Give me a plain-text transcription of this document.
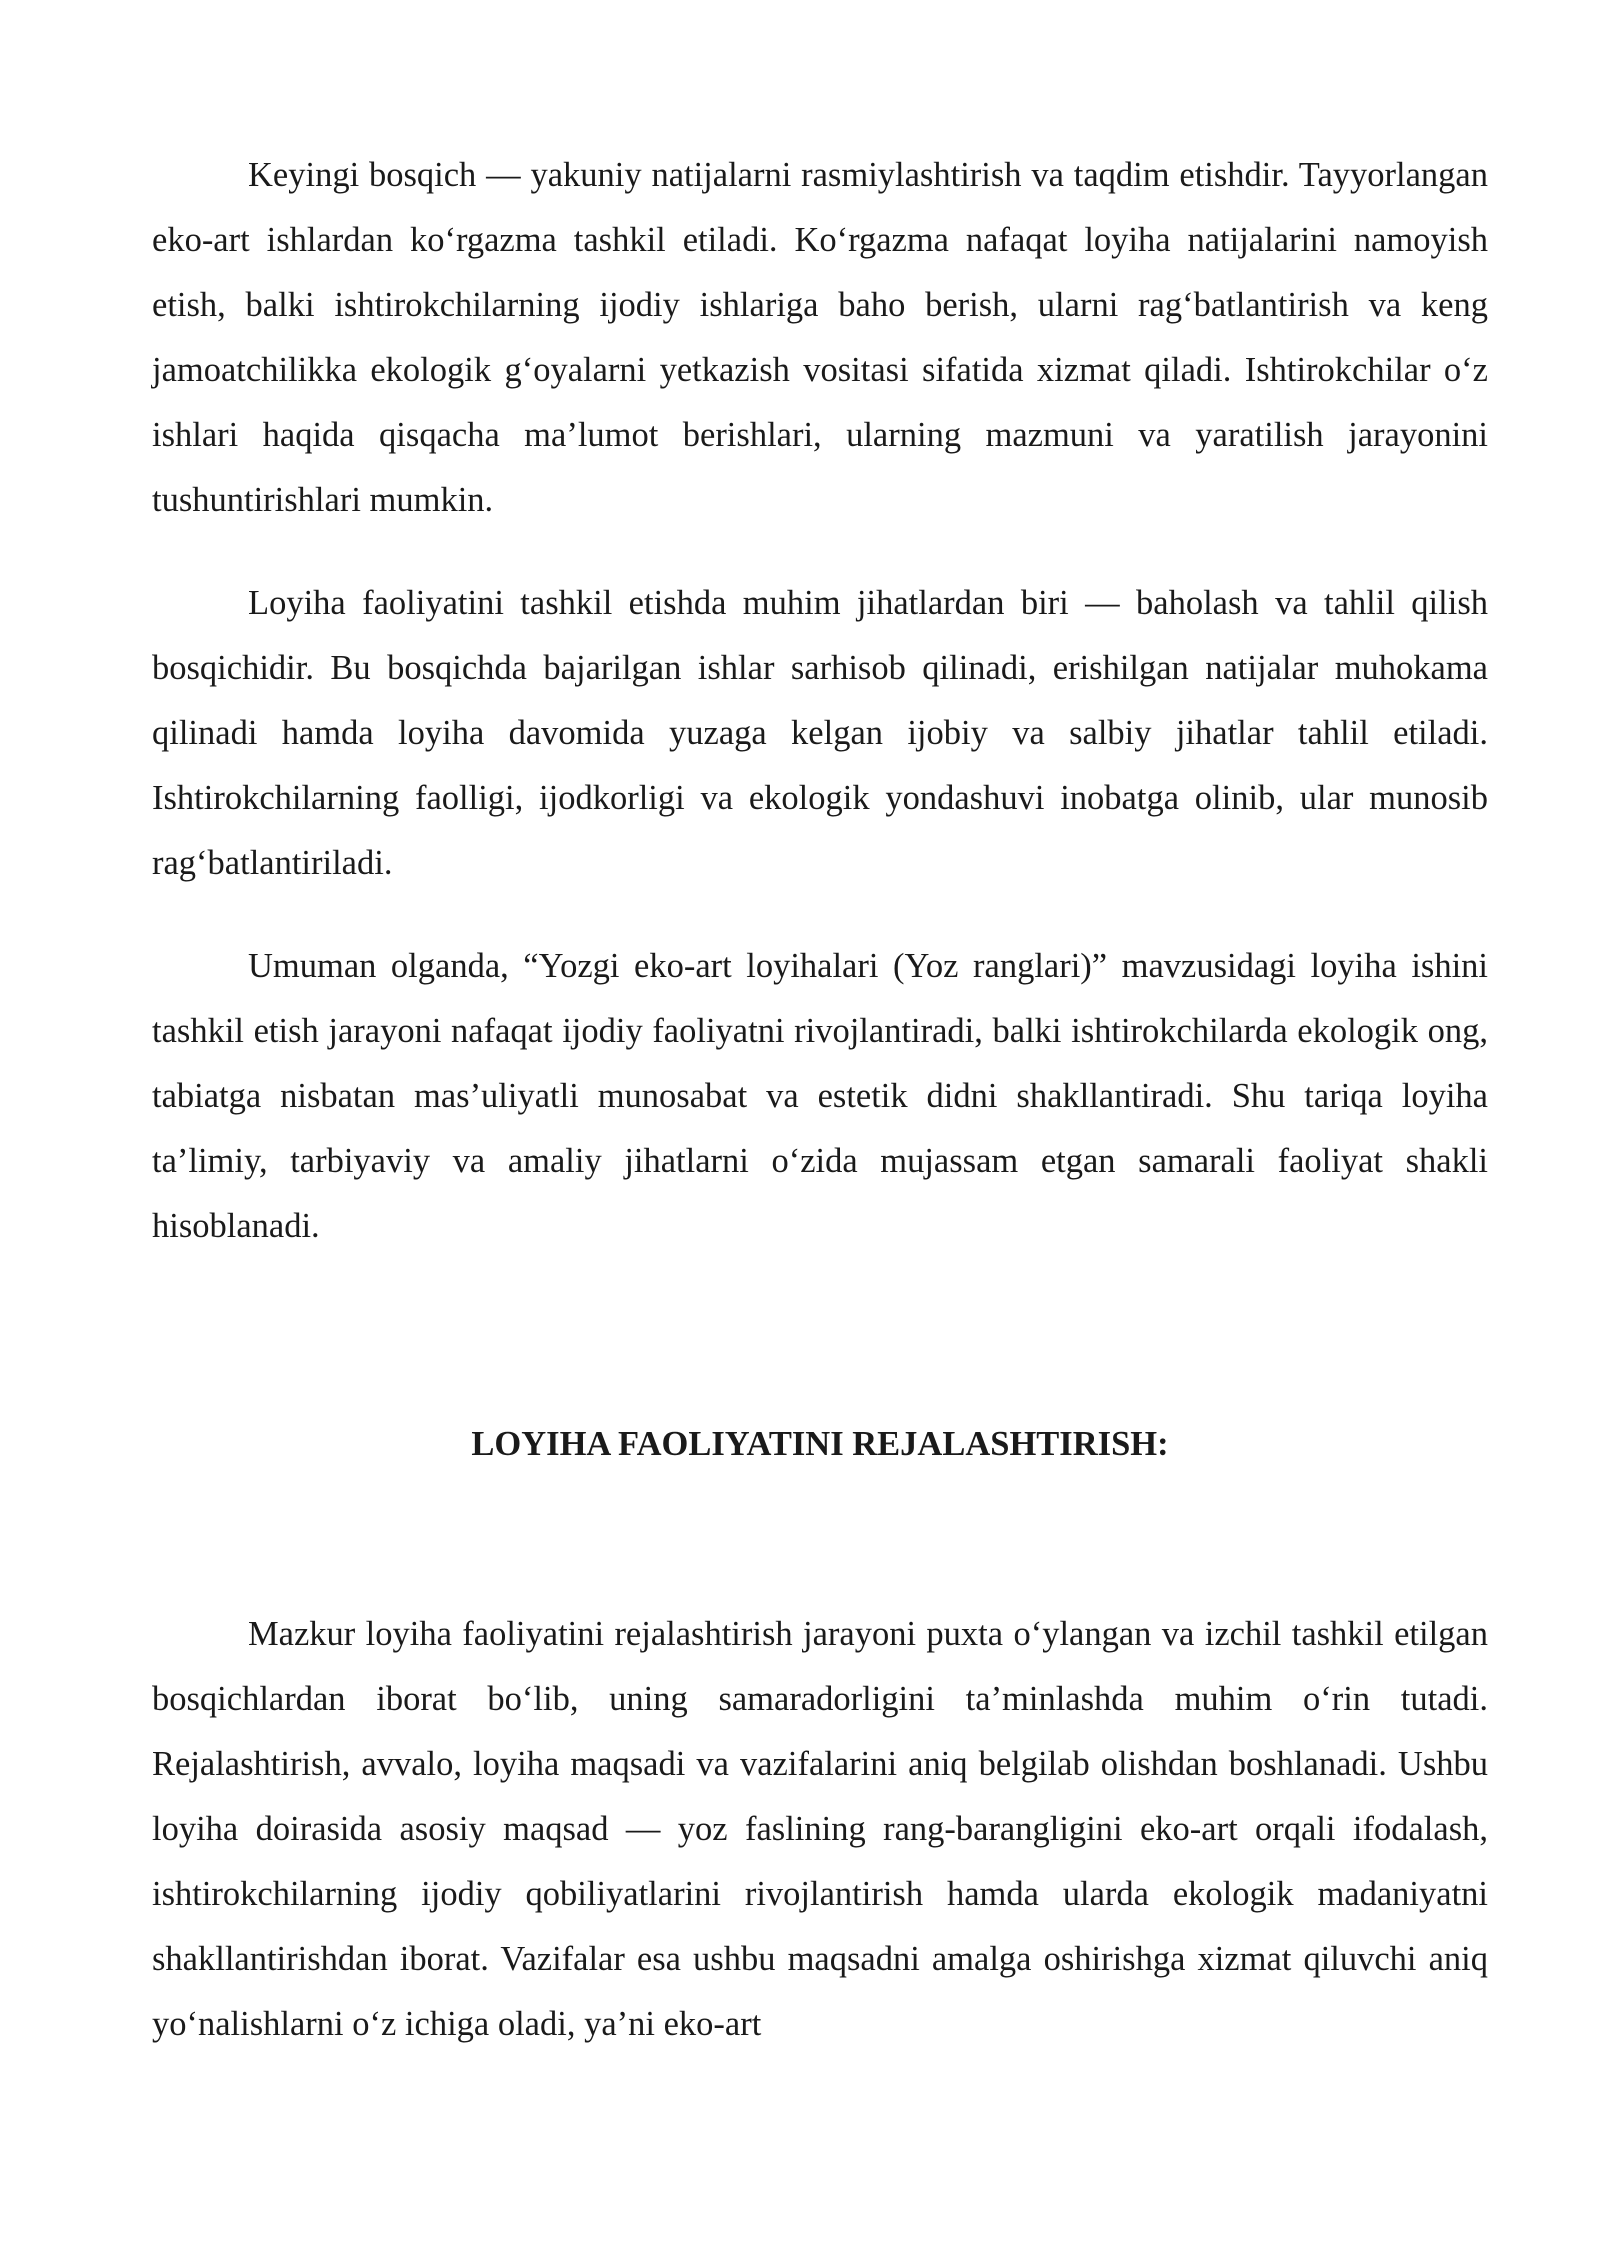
Keyingi bosqich — yakuniy natijalarni rasmiylashtirish va taqdim etishdir. Tayyorlangan eko-art ishlardan ko‘rgazma tashkil etiladi. Ko‘rgazma nafaqat loyiha natijalarini namoyish etish, balki ishtirokchilarning ijodiy ishlariga baho berish, ularni rag‘batlantirish va keng jamoatchilikka ekologik g‘oyalarni yetkazish vositasi sifatida xizmat qiladi. Ishtirokchilar o‘z ishlari haqida qisqacha ma’lumot berishlari, ularning mazmuni va yaratilish jarayonini tushuntirishlari mumkin.

Loyiha faoliyatini tashkil etishda muhim jihatlardan biri — baholash va tahlil qilish bosqichidir. Bu bosqichda bajarilgan ishlar sarhisob qilinadi, erishilgan natijalar muhokama qilinadi hamda loyiha davomida yuzaga kelgan ijobiy va salbiy jihatlar tahlil etiladi. Ishtirokchilarning faolligi, ijodkorligi va ekologik yondashuvi inobatga olinib, ular munosib rag‘batlantiriladi.

Umuman olganda, “Yozgi eko-art loyihalari (Yoz ranglari)” mavzusidagi loyiha ishini tashkil etish jarayoni nafaqat ijodiy faoliyatni rivojlantiradi, balki ishtirokchilarda ekologik ong, tabiatga nisbatan mas’uliyatli munosabat va estetik didni shakllantiradi. Shu tariqa loyiha ta’limiy, tarbiyaviy va amaliy jihatlarni o‘zida mujassam etgan samarali faoliyat shakli hisoblanadi.

LOYIHA FAOLIYATINI REJALASHTIRISH:

Mazkur loyiha faoliyatini rejalashtirish jarayoni puxta o‘ylangan va izchil tashkil etilgan bosqichlardan iborat bo‘lib, uning samaradorligini ta’minlashda muhim o‘rin tutadi. Rejalashtirish, avvalo, loyiha maqsadi va vazifalarini aniq belgilab olishdan boshlanadi. Ushbu loyiha doirasida asosiy maqsad — yoz faslining rang-barangligini eko-art orqali ifodalash, ishtirokchilarning ijodiy qobiliyatlarini rivojlantirish hamda ularda ekologik madaniyatni shakllantirishdan iborat. Vazifalar esa ushbu maqsadni amalga oshirishga xizmat qiluvchi aniq yo‘nalishlarni o‘z ichiga oladi, ya’ni eko-art
